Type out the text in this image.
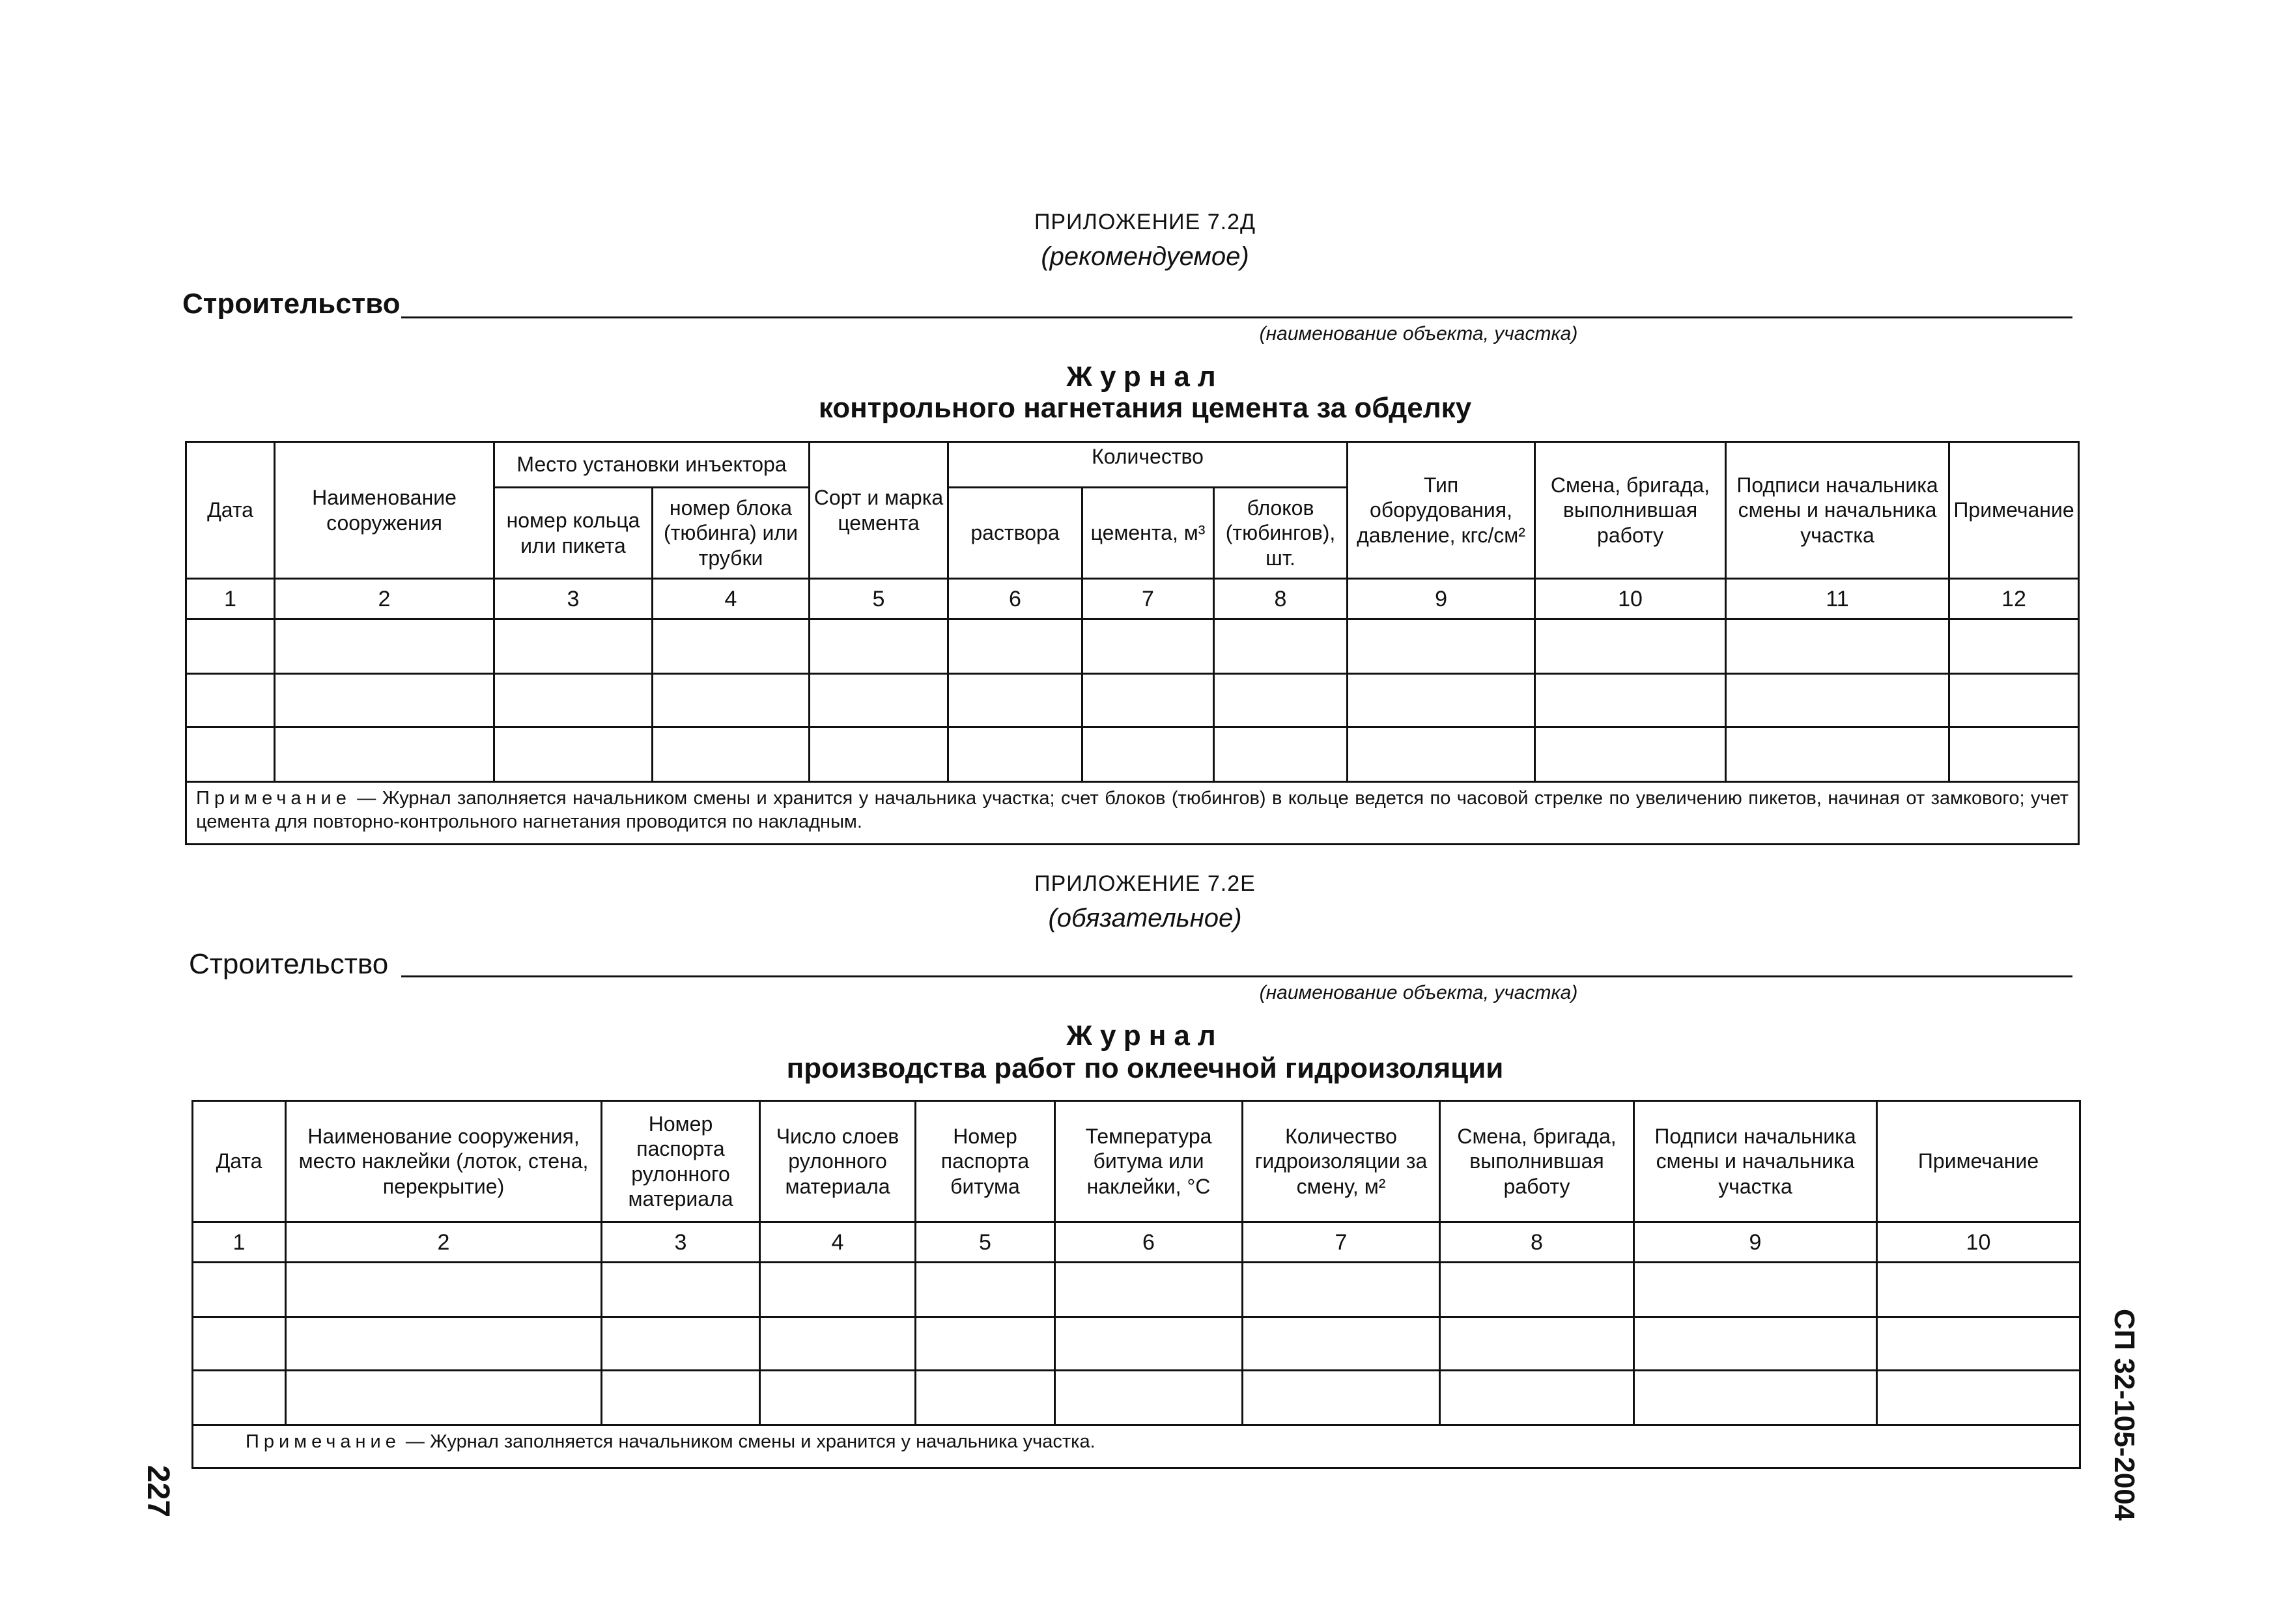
ПРИЛОЖЕНИЕ 7.2Д
(рекомендуемое)
Строительство
(наименование объекта, участка)
Журнал
контрольного нагнетания цемента за обделку
Дата	Наименование сооружения	Место установки инъектора		Сорт и марка цемента	Количество			Тип оборудования, давление, кгс/см²	Смена, бригада, выполнившая работу	Подписи начальника смены и начальника участка	Примечание
		номер кольца или пикета	номер блока (тюбинга) или трубки		раствора	цемента, м³	блоков (тюбингов), шт.				
1	2	3	4	5	6	7	8	9	10	11	12

Примечание — Журнал заполняется начальником смены и хранится у начальника участка; счет блоков (тюбингов) в кольце ведется по часовой стрелке по увеличению пикетов, начиная от замкового; учет цемента для повторно-контрольного нагнетания проводится по накладным.											
ПРИЛОЖЕНИЕ 7.2Е
(обязательное)
Строительство
(наименование объекта, участка)
Журнал
производства работ по оклеечной гидроизоляции
Дата	Наименование сооружения, место наклейки (лоток, стена, перекрытие)	Номер паспорта рулонного материала	Число слоев рулонного материала	Номер паспорта битума	Температура битума или наклейки, °С	Количество гидроизоляции за смену, м²	Смена, бригада, выполнившая работу	Подписи начальника смены и начальника участка	Примечание
1	2	3	4	5	6	7	8	9	10

Примечание — Журнал заполняется начальником смены и хранится у начальника участка.										СП 32-105-2004
227
